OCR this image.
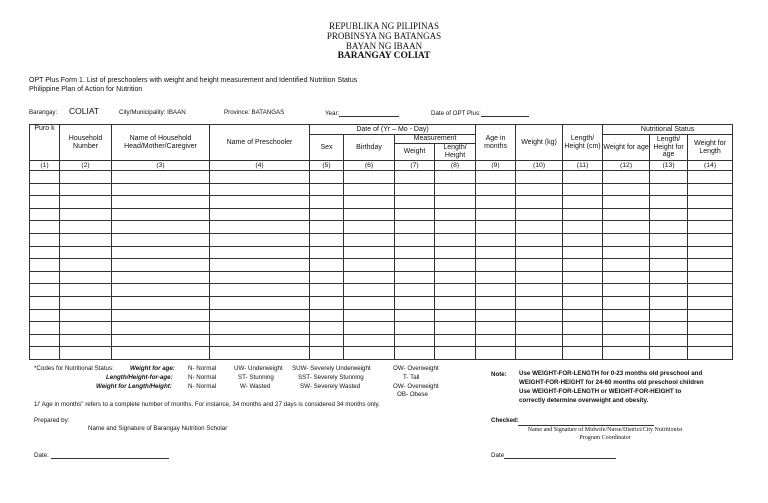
REPUBLIKA NG PILIPINAS
PROBINSYA NG BATANGAS
BAYAN NG IBAAN
BARANGAY COLIAT
OPT Plus Form 1. List of preschoolers with weight and height measurement and Identified Nutrition Status
Philippine Plan of Action for Nutrition
Barangay: COLIAT	City/Municipality: IBAAN	Province: BATANGAS	Year:	Date of OPT Plus:
Puro k	Household Number	Name of Household Head/Mother/Caregiver	Name of Preschooler	Date of (Yr – Mo - Day)				Age in months	Weight (kg)	Length/ Height (cm)	Nutritional Status		
				Sex	Birthday	Measurement					Weight for age	Length/ Height for age	Weight for Length
						Weight	Length/ Height						
(1)	(2)	(3)	(4)	(5)	(6)	(7)	(8)	(9)	(10)	(11)	(12)	(13)	(14)

*Codes for Nutritional Status:	Weight for age: N- Normal	UW- Underweight SUW- Severely Underweight	OW- Overweight
Length/Height-for-age: N- Normal	ST- Stunning	SST- Severely Stunning	T- Tall
Weight for Length/Height:	N- Normal	W- Wasted	SW- Severely Wasted	OW- Overweight
OB- Obese
1/' Age in months" refers to a complete number of months. For instance, 34 months and 27 days is considered 34 months only.
Note: Use WEIGHT-FOR-LENGTH for 0-23 months old preschool and
WEIGHT-FOR-HEIGHT for 24-60 months old preschool children
Use WEIGHT-FOR-LENGTH or WEIGHT-FOR-HEIGHT to
correctly determine overweight and obesity.
Prepared by:
Name and Signature of Barangay Nutrition Scholar
Checked:
Name and Signature of Midwife/Nurse/District/City Nutritionist
Program Coordinator
Date:	Date
